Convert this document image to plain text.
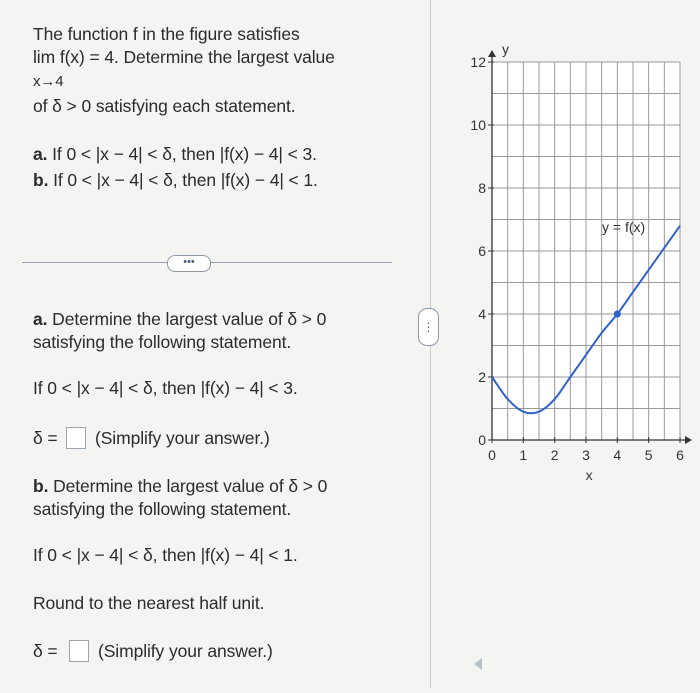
The function f in the figure satisfies
lim f(x) = 4. Determine the largest value
x→4
of δ > 0 satisfying each statement.
a. If 0 < |x − 4| < δ, then |f(x) − 4| < 3.
b. If 0 < |x − 4| < δ, then |f(x) − 4| < 1.
•••
a. Determine the largest value of δ > 0
satisfying the following statement.
If 0 < |x − 4| < δ, then |f(x) − 4| < 3.
δ = (Simplify your answer.)
b. Determine the largest value of δ > 0
satisfying the following statement.
If 0 < |x − 4| < δ, then |f(x) − 4| < 1.
Round to the nearest half unit.
δ = (Simplify your answer.)
⋮
0 1 2 3 4 5 6
0
2
4
6
8
10
12
x
y
y = f(x)
